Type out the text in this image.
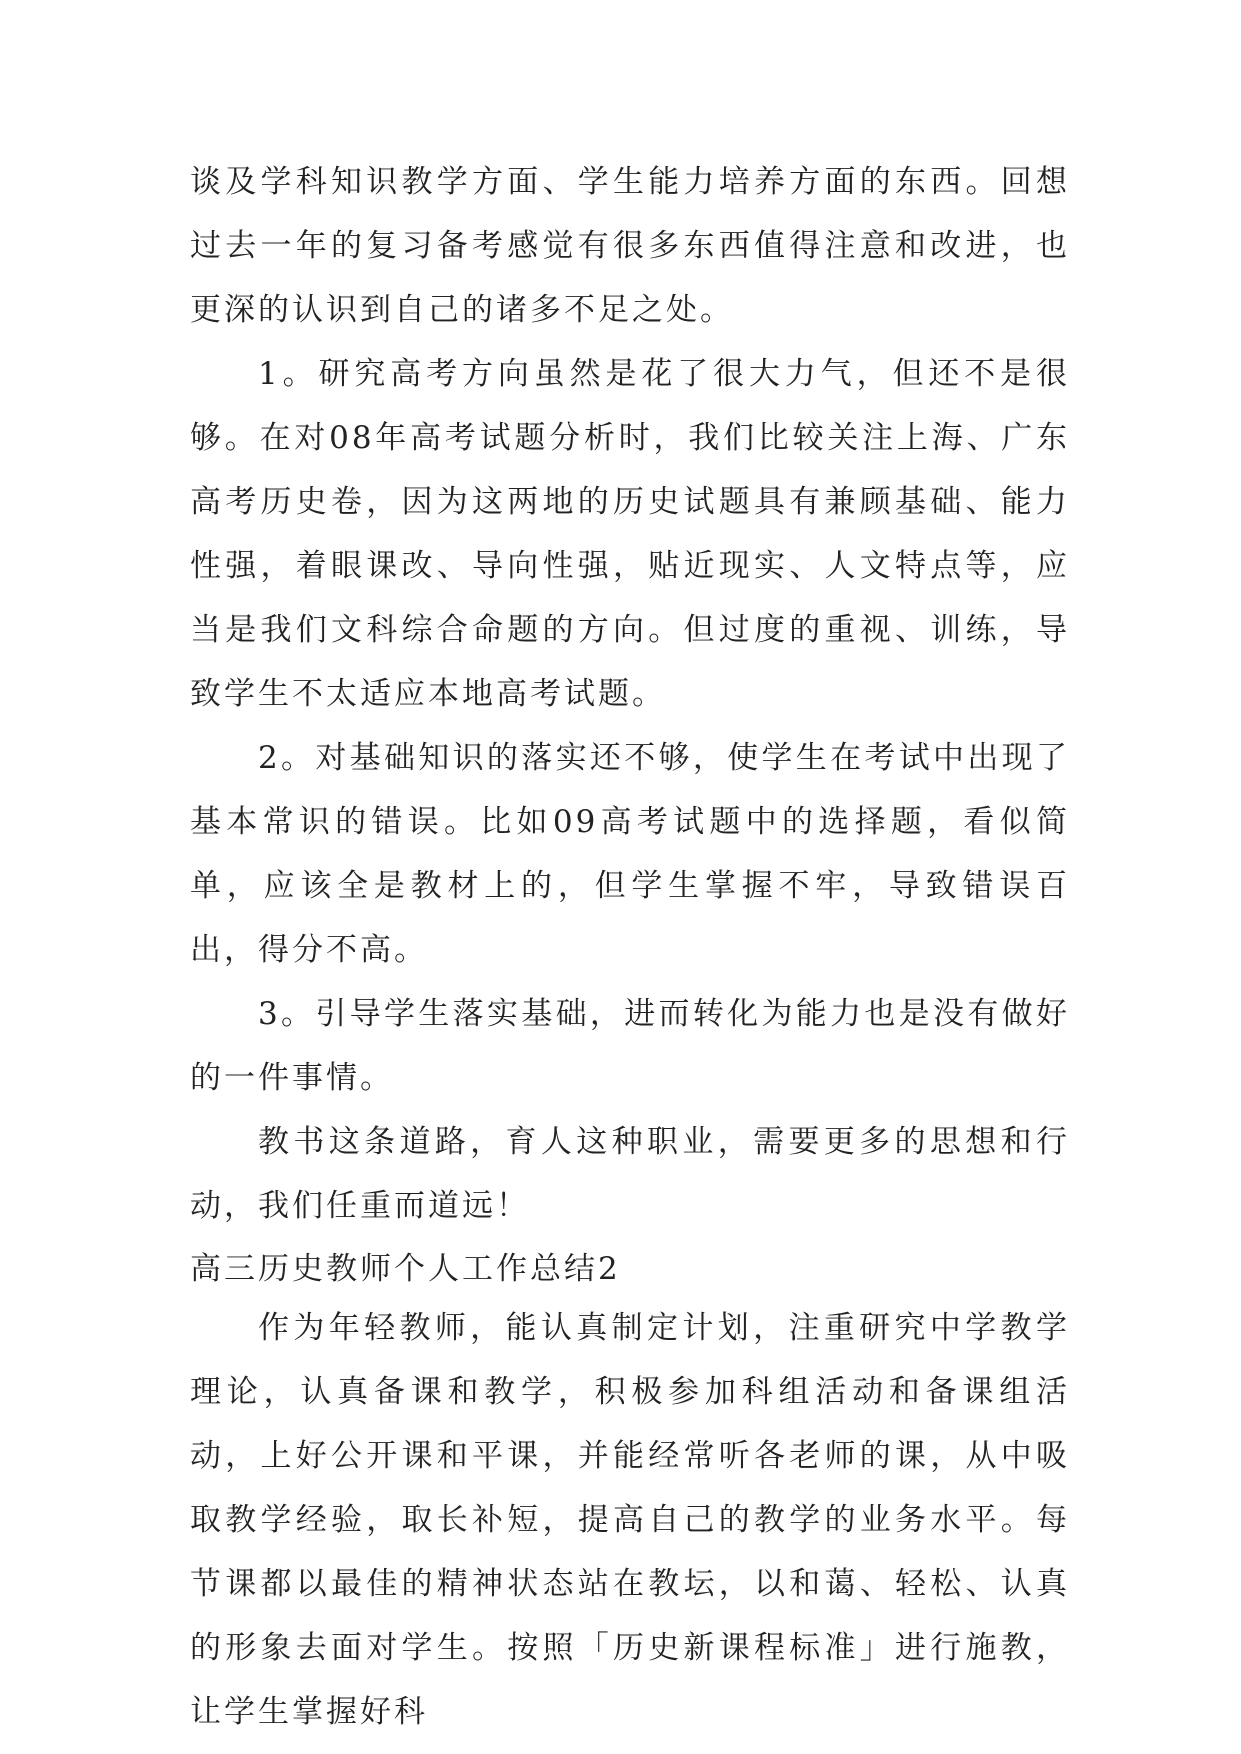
谈及学科知识教学方面、学生能力培养方面的东西。回想过去一年的复习备考感觉有很多东西值得注意和改进，也更深的认识到自己的诸多不足之处。

1。研究高考方向虽然是花了很大力气，但还不是很够。在对08年高考试题分析时，我们比较关注上海、广东高考历史卷，因为这两地的历史试题具有兼顾基础、能力性强，着眼课改、导向性强，贴近现实、人文特点等，应当是我们文科综合命题的方向。但过度的重视、训练，导致学生不太适应本地高考试题。

2。对基础知识的落实还不够，使学生在考试中出现了基本常识的错误。比如09高考试题中的选择题，看似简单，应该全是教材上的，但学生掌握不牢，导致错误百出，得分不高。

3。引导学生落实基础，进而转化为能力也是没有做好的一件事情。

教书这条道路，育人这种职业，需要更多的思想和行动，我们任重而道远！

高三历史教师个人工作总结2

作为年轻教师，能认真制定计划，注重研究中学教学理论，认真备课和教学，积极参加科组活动和备课组活动，上好公开课和平课，并能经常听各老师的课，从中吸取教学经验，取长补短，提高自己的教学的业务水平。每节课都以最佳的精神状态站在教坛，以和蔼、轻松、认真的形象去面对学生。按照「历史新课程标准」进行施教，让学生掌握好科
